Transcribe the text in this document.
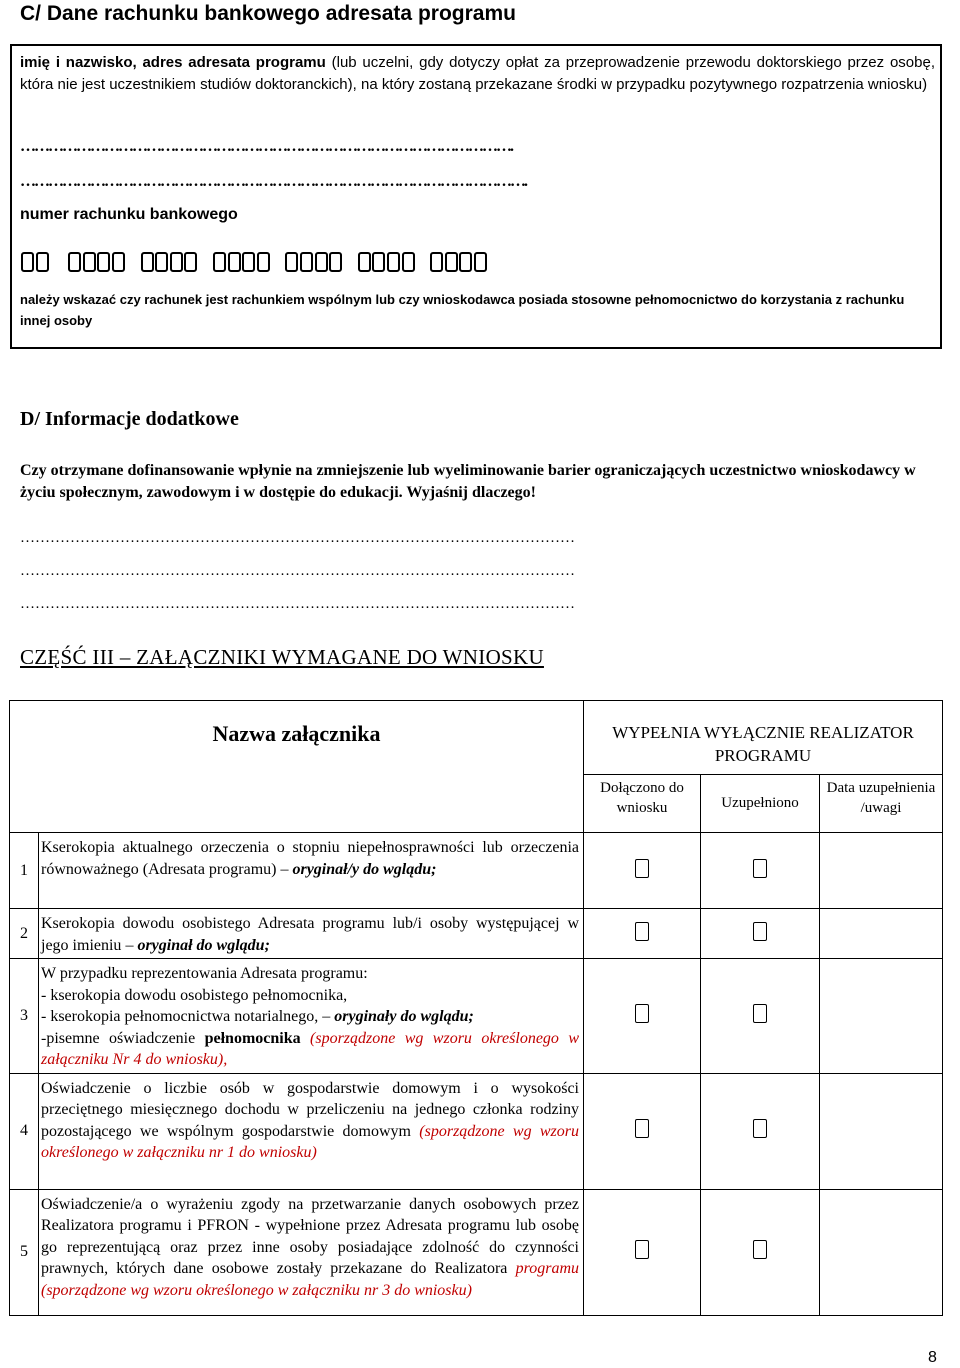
C/ Dane rachunku bankowego adresata programu
imię i nazwisko, adres adresata programu (lub uczelni, gdy dotyczy opłat za przeprowadzenie przewodu doktorskiego przez osobę, która nie jest uczestnikiem studiów doktoranckich), na który zostaną przekazane środki w przypadku pozytywnego rozpatrzenia wniosku)
…………………………………………………………………………………………….
……………………………………………………………………………………………….
numer rachunku bankowego
należy wskazać czy rachunek jest rachunkiem wspólnym lub czy wnioskodawca posiada stosowne pełnomocnictwo do korzystania z rachunku innej osoby
D/ Informacje dodatkowe
Czy otrzymane dofinansowanie wpłynie na zmniejszenie lub wyeliminowanie barier ograniczających uczestnictwo wnioskodawcy w życiu społecznym, zawodowym i w dostępie do edukacji. Wyjaśnij dlaczego!
…………………………………………………………………………………………………
…………………………………………………………………………………………………
…………………………………………………………………………………………………
CZĘŚĆ III – ZAŁĄCZNIKI WYMAGANE DO WNIOSKU
Nazwa załącznika		WYPEŁNIA WYŁĄCZNIE REALIZATOR PROGRAMU		
		Dołączono do wniosku	Uzupełniono	Data uzupełnienia /uwagi
1	Kserokopia aktualnego orzeczenia o stopniu niepełnosprawności lub orzeczenia równoważnego (Adresata programu) – oryginał/y do wglądu;			
2	Kserokopia dowodu osobistego Adresata programu lub/i osoby występującej w jego imieniu – oryginał do wglądu;			
3	W przypadku reprezentowania Adresata programu:
- kserokopia dowodu osobistego pełnomocnika,
- kserokopia pełnomocnictwa notarialnego, – oryginały do wglądu;
-pisemne oświadczenie pełnomocnika (sporządzone wg wzoru określonego w załączniku Nr 4 do wniosku),			

4	Oświadczenie o liczbie osób w gospodarstwie domowym i o wysokości przeciętnego miesięcznego dochodu w przeliczeniu na jednego członka rodziny pozostającego we wspólnym gospodarstwie domowym (sporządzone wg wzoru określonego w załączniku nr 1 do wniosku)			
5	Oświadczenie/a o wyrażeniu zgody na przetwarzanie danych osobowych przez Realizatora programu i PFRON - wypełnione przez Adresata programu lub osobę go reprezentującą oraz przez inne osoby posiadające zdolność do czynności prawnych, których dane osobowe zostały przekazane do Realizatora programu (sporządzone wg wzoru określonego w załączniku nr 3 do wniosku)			
8
